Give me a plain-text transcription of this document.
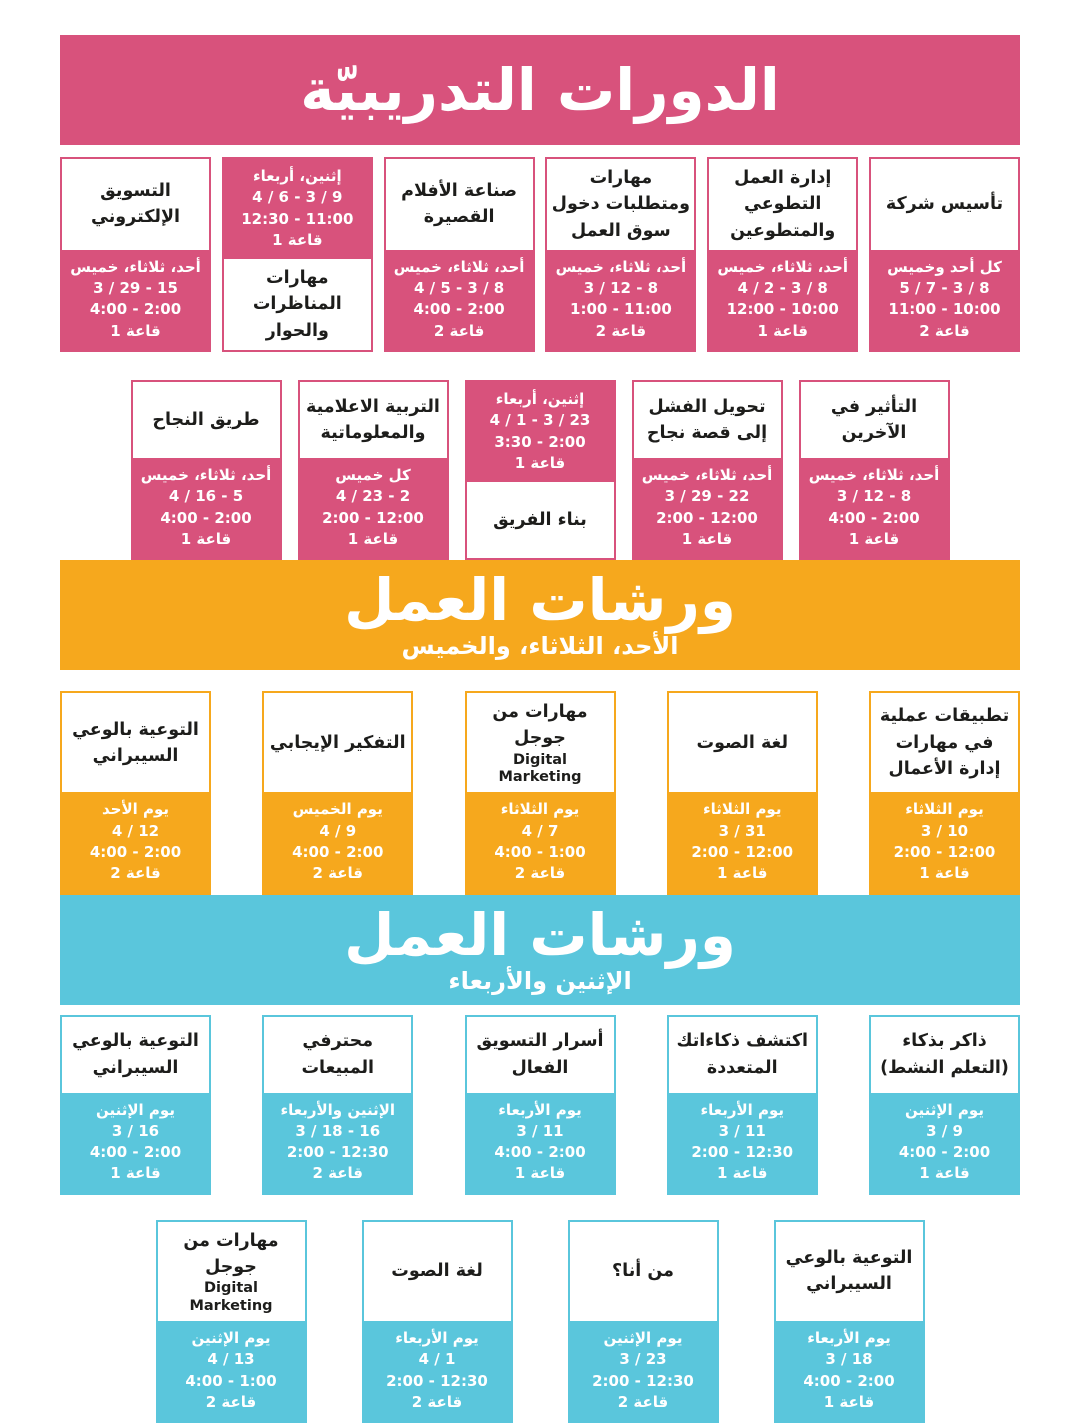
الدورات التدريبيّة
تأسيس شركة
كل أحد وخميس
5 / 7 - 3 / 8
11:00 - 10:00
قاعة 2
إدارة العمل التطوعي والمتطوعين
أحد، ثلاثاء، خميس
4 / 2 - 3 / 8
12:00 - 10:00
قاعة 1
مهارات ومتطلبات دخول سوق العمل
أحد، ثلاثاء، خميس
3 / 12 - 8
1:00 - 11:00
قاعة 2
صناعة الأفلام القصيرة
أحد، ثلاثاء، خميس
4 / 5 - 3 / 8
4:00 - 2:00
قاعة 2
مهارات المناظرات والحوار
إثنين، أربعاء
4 / 6 - 3 / 9
12:30 - 11:00
قاعة 1
التسويق الإلكتروني
أحد، ثلاثاء، خميس
3 / 29 - 15
4:00 - 2:00
قاعة 1
التأثير في الآخرين
أحد، ثلاثاء، خميس
3 / 12 - 8
4:00 - 2:00
قاعة 1
تحويل الفشل إلى قصة نجاح
أحد، ثلاثاء، خميس
3 / 29 - 22
2:00 - 12:00
قاعة 1
بناء الفريق
إثنين، أربعاء
4 / 1 - 3 / 23
3:30 - 2:00
قاعة 1
التربية الاعلامية والمعلوماتية
كل خميس
4 / 23 - 2
2:00 - 12:00
قاعة 1
طريق النجاح
أحد، ثلاثاء، خميس
4 / 16 - 5
4:00 - 2:00
قاعة 1
ورشات العمل
الأحد، الثلاثاء، والخميس
تطبيقات عملية في مهارات إدارة الأعمال
يوم الثلاثاء
3 / 10
2:00 - 12:00
قاعة 1
لغة الصوت
يوم الثلاثاء
3 / 31
2:00 - 12:00
قاعة 1
مهارات من جوجل
Digital Marketing
يوم الثلاثاء
4 / 7
4:00 - 1:00
قاعة 2
التفكير الإيجابي
يوم الخميس
4 / 9
4:00 - 2:00
قاعة 2
التوعية بالوعي السيبراني
يوم الأحد
4 / 12
4:00 - 2:00
قاعة 2
ورشات العمل
الإثنين والأربعاء
ذاكر بذكاء (التعلم النشط)
يوم الإثنين
3 / 9
4:00 - 2:00
قاعة 1
اكتشف ذكاءاتك المتعددة
يوم الأربعاء
3 / 11
2:00 - 12:30
قاعة 1
أسرار التسويق الفعال
يوم الأربعاء
3 / 11
4:00 - 2:00
قاعة 1
محترفي المبيعات
الإثنين والأربعاء
3 / 18 - 16
2:00 - 12:30
قاعة 2
التوعية بالوعي السيبراني
يوم الإثنين
3 / 16
4:00 - 2:00
قاعة 1
التوعية بالوعي السيبراني
يوم الأربعاء
3 / 18
4:00 - 2:00
قاعة 1
من أنا؟
يوم الإثنين
3 / 23
2:00 - 12:30
قاعة 2
لغة الصوت
يوم الأربعاء
4 / 1
2:00 - 12:30
قاعة 2
مهارات من جوجل
Digital Marketing
يوم الإثنين
4 / 13
4:00 - 1:00
قاعة 2
